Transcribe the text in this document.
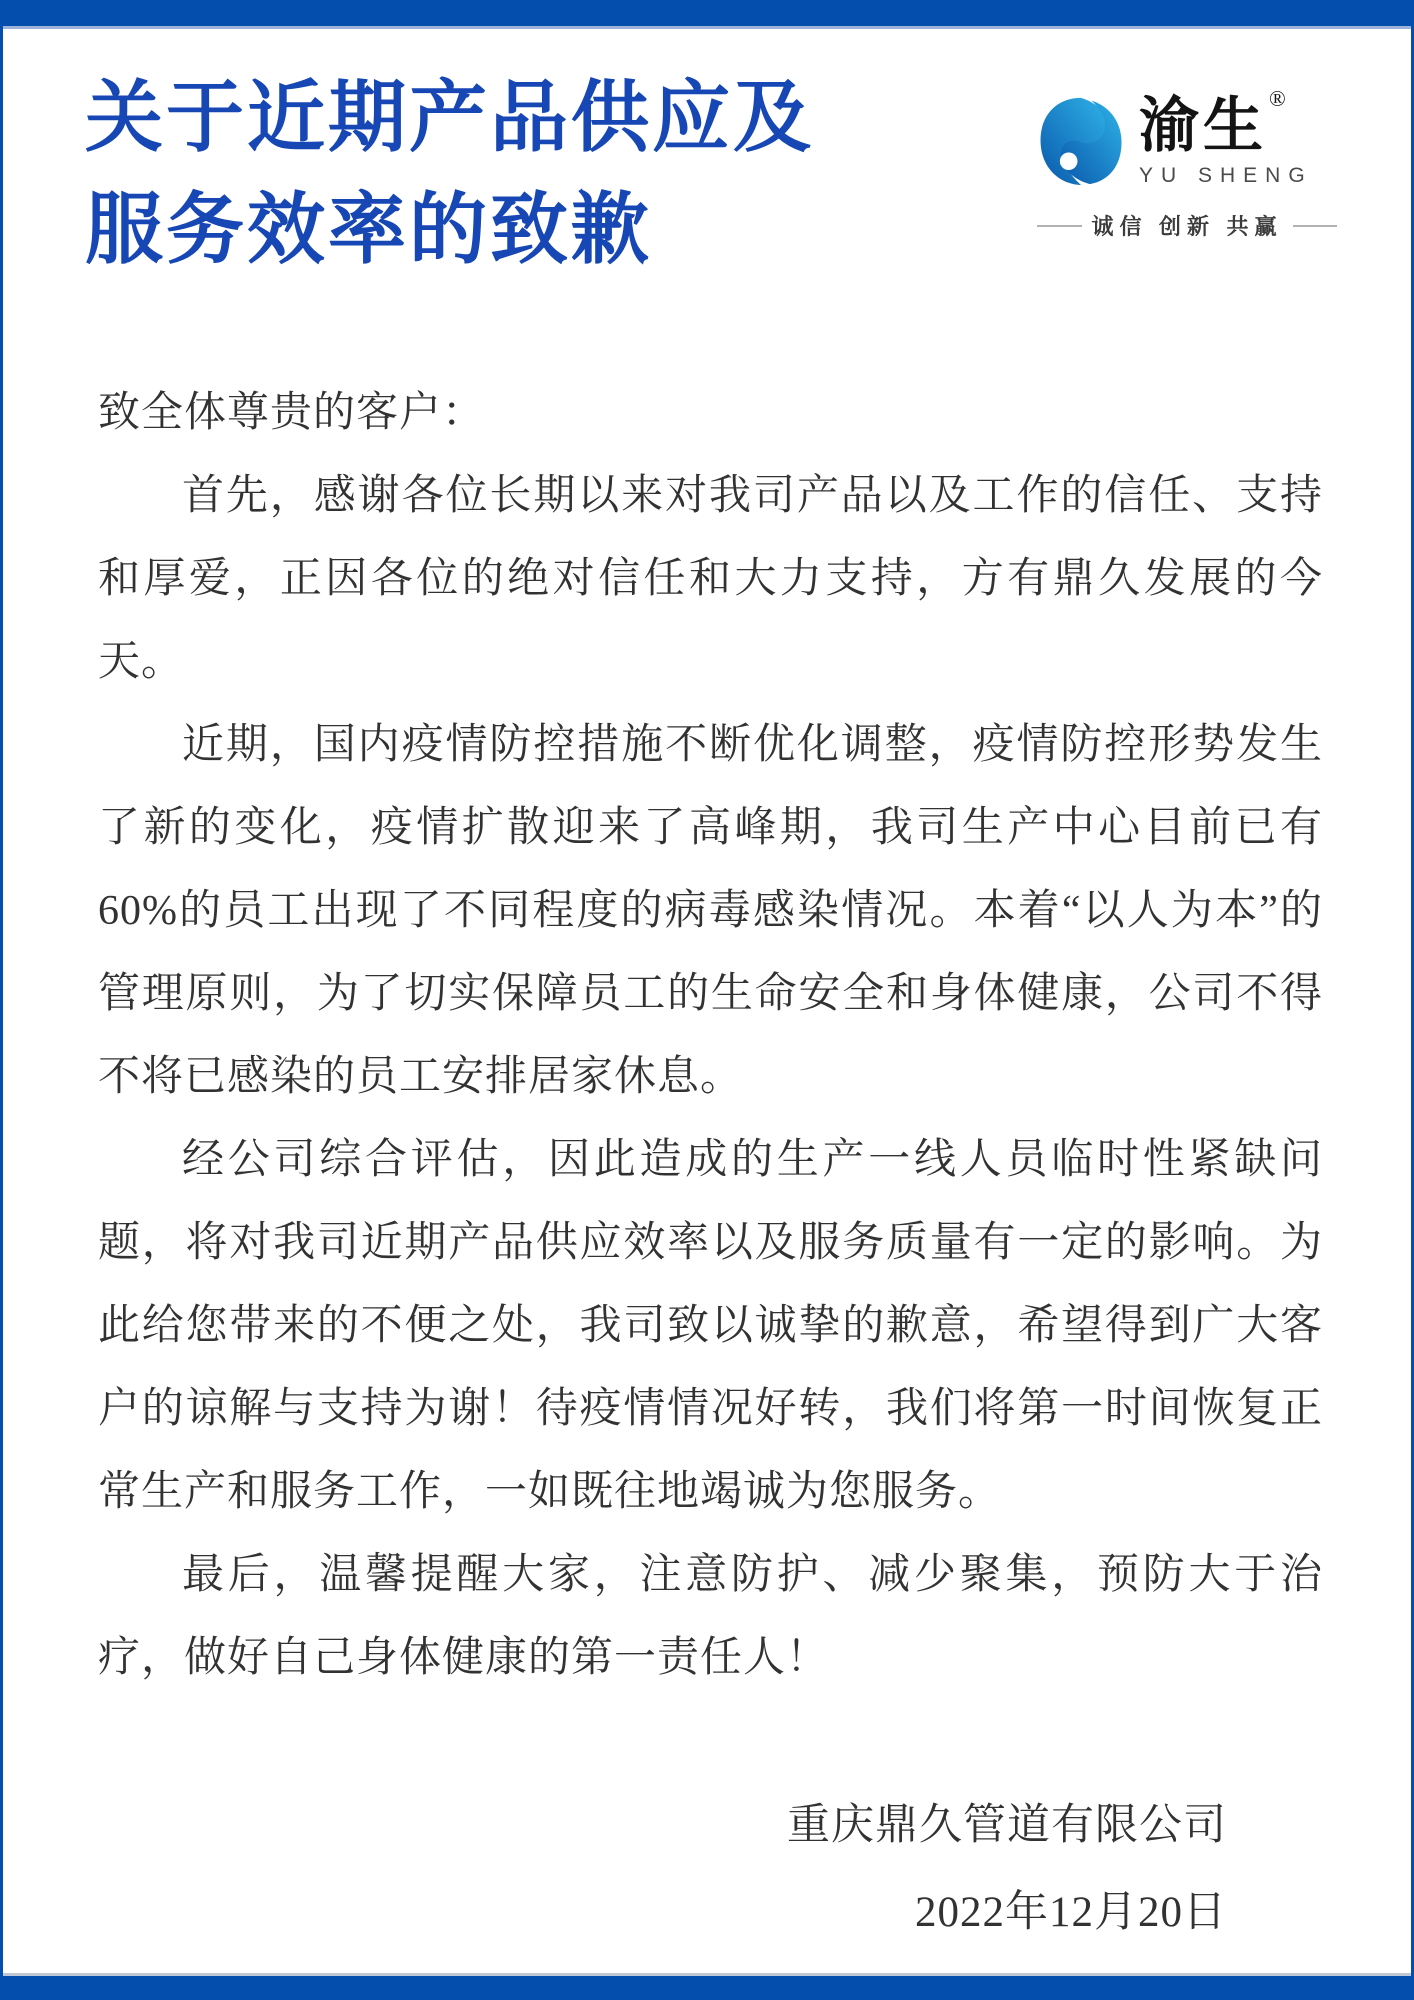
关于近期产品供应及
服务效率的致歉
渝生 ®
YU SHENG
诚信 创新 共赢

致全体尊贵的客户：

首先，感谢各位长期以来对我司产品以及工作的信任、支持和厚爱，正因各位的绝对信任和大力支持，方有鼎久发展的今天。

近期，国内疫情防控措施不断优化调整，疫情防控形势发生了新的变化，疫情扩散迎来了高峰期，我司生产中心目前已有60%的员工出现了不同程度的病毒感染情况。本着“以人为本”的管理原则，为了切实保障员工的生命安全和身体健康，公司不得不将已感染的员工安排居家休息。

经公司综合评估，因此造成的生产一线人员临时性紧缺问题，将对我司近期产品供应效率以及服务质量有一定的影响。为此给您带来的不便之处，我司致以诚挚的歉意，希望得到广大客户的谅解与支持为谢！待疫情情况好转，我们将第一时间恢复正常生产和服务工作，一如既往地竭诚为您服务。

最后，温馨提醒大家，注意防护、减少聚集，预防大于治疗，做好自己身体健康的第一责任人！

重庆鼎久管道有限公司

2022年12月20日
